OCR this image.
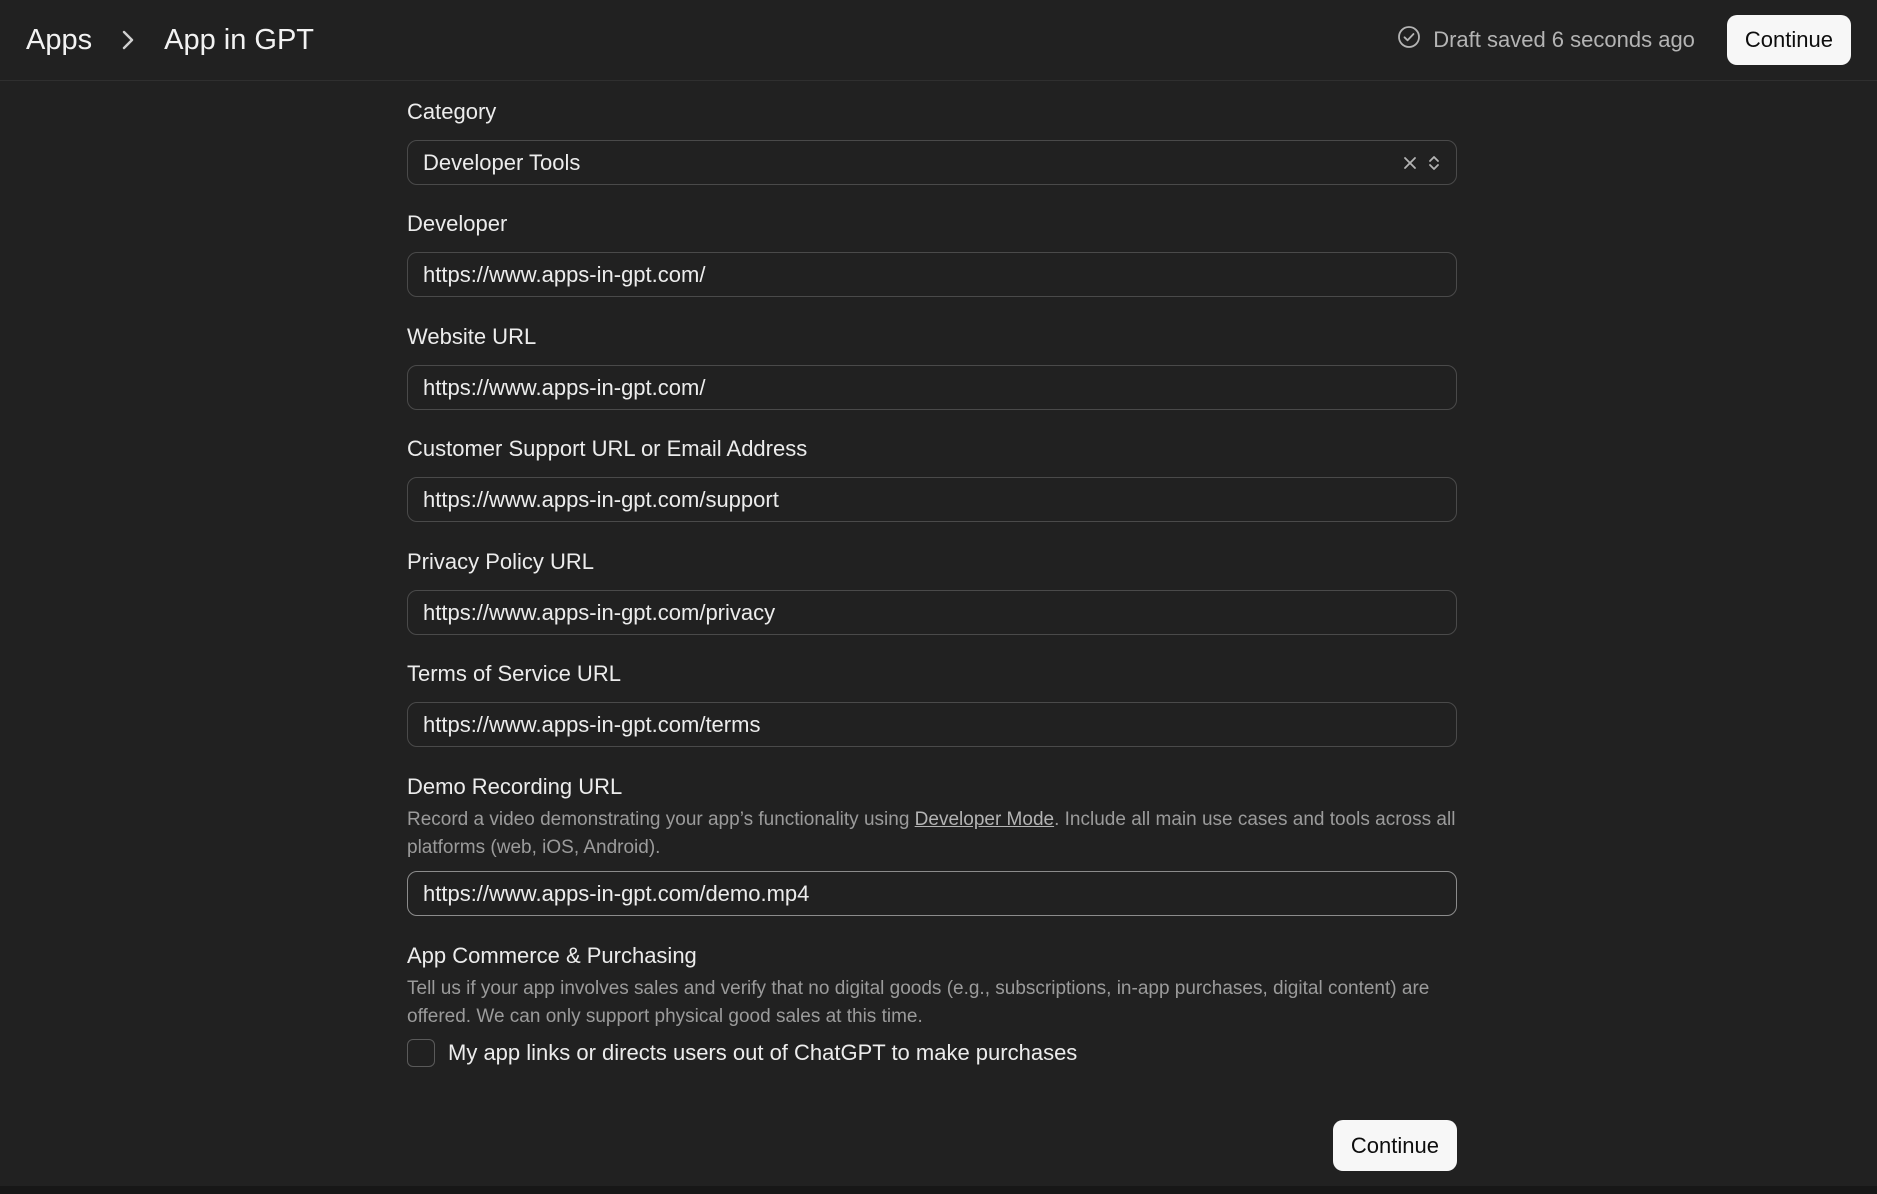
Apps App in GPT	Draft saved 6 seconds ago	Continue
Category
Developer Tools
Developer
https://www.apps-in-gpt.com/
Website URL
https://www.apps-in-gpt.com/
Customer Support URL or Email Address
https://www.apps-in-gpt.com/support
Privacy Policy URL
https://www.apps-in-gpt.com/privacy
Terms of Service URL
https://www.apps-in-gpt.com/terms
Demo Recording URL

Record a video demonstrating your app’s functionality using Developer Mode. Include all main use cases and tools across all platforms (web, iOS, Android).

https://www.apps-in-gpt.com/demo.mp4
App Commerce & Purchasing

Tell us if your app involves sales and verify that no digital goods (e.g., subscriptions, in-app purchases, digital content) are offered. We can only support physical good sales at this time.

My app links or directs users out of ChatGPT to make purchases
Continue
